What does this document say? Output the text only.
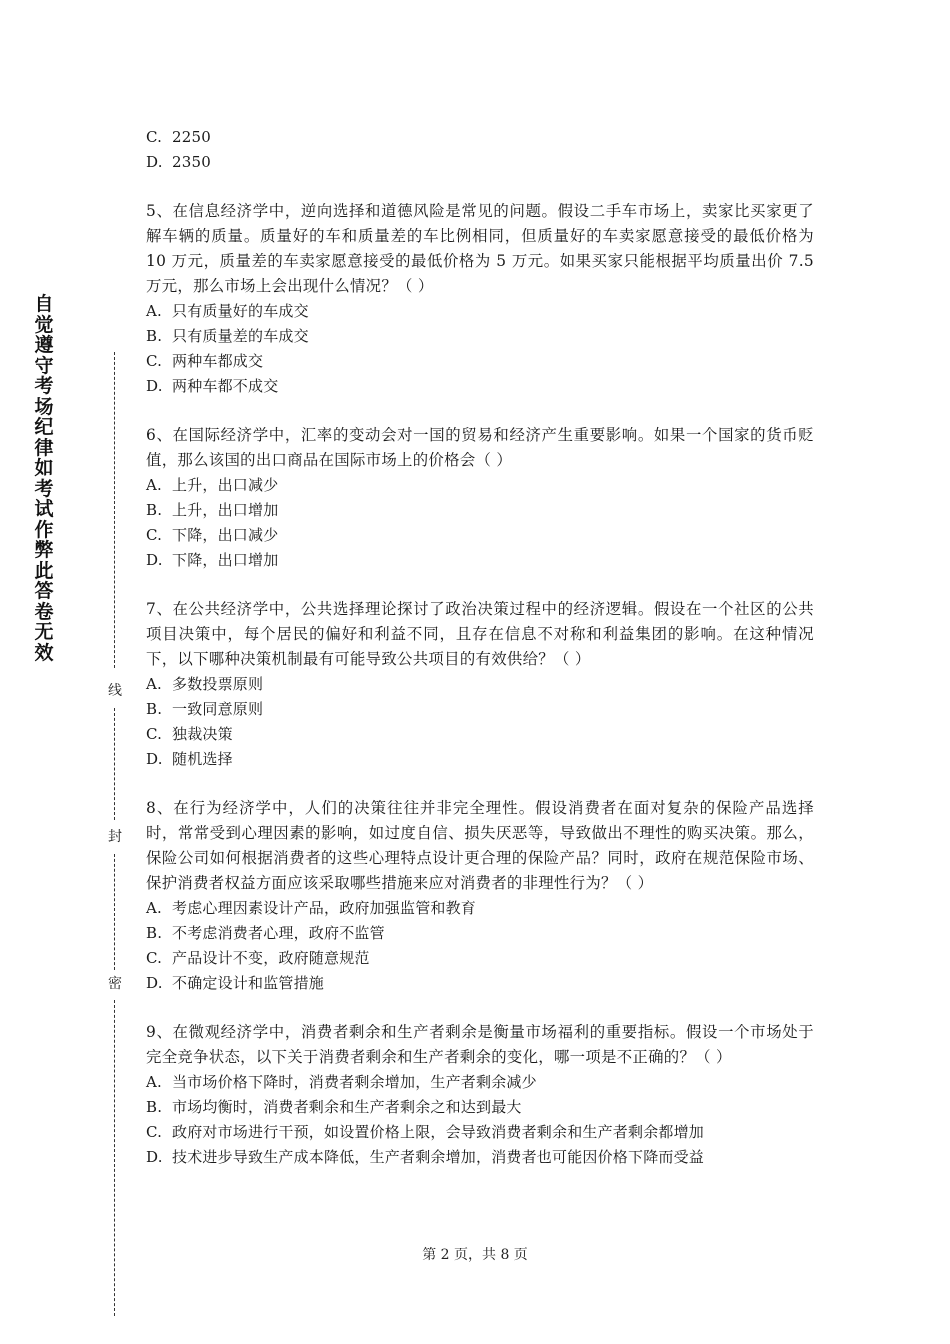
自觉遵守考场纪律如考试作弊此答卷无效
线
封
密
C. 2250
D. 2350
5、在信息经济学中，逆向选择和道德风险是常见的问题。假设二手车市场上，卖家比买家更了解车辆的质量。质量好的车和质量差的车比例相同，但质量好的车卖家愿意接受的最低价格为 10 万元，质量差的车卖家愿意接受的最低价格为 5 万元。如果买家只能根据平均质量出价 7.5 万元，那么市场上会出现什么情况？（ ）
A. 只有质量好的车成交
B. 只有质量差的车成交
C. 两种车都成交
D. 两种车都不成交
6、在国际经济学中，汇率的变动会对一国的贸易和经济产生重要影响。如果一个国家的货币贬值，那么该国的出口商品在国际市场上的价格会（ ）
A. 上升，出口减少
B. 上升，出口增加
C. 下降，出口减少
D. 下降，出口增加
7、在公共经济学中，公共选择理论探讨了政治决策过程中的经济逻辑。假设在一个社区的公共项目决策中，每个居民的偏好和利益不同，且存在信息不对称和利益集团的影响。在这种情况下，以下哪种决策机制最有可能导致公共项目的有效供给？（ ）
A. 多数投票原则
B. 一致同意原则
C. 独裁决策
D. 随机选择
8、在行为经济学中，人们的决策往往并非完全理性。假设消费者在面对复杂的保险产品选择时，常常受到心理因素的影响，如过度自信、损失厌恶等，导致做出不理性的购买决策。那么，保险公司如何根据消费者的这些心理特点设计更合理的保险产品？同时，政府在规范保险市场、保护消费者权益方面应该采取哪些措施来应对消费者的非理性行为？（ ）
A. 考虑心理因素设计产品，政府加强监管和教育
B. 不考虑消费者心理，政府不监管
C. 产品设计不变，政府随意规范
D. 不确定设计和监管措施
9、在微观经济学中，消费者剩余和生产者剩余是衡量市场福利的重要指标。假设一个市场处于完全竞争状态，以下关于消费者剩余和生产者剩余的变化，哪一项是不正确的？（ ）
A. 当市场价格下降时，消费者剩余增加，生产者剩余减少
B. 市场均衡时，消费者剩余和生产者剩余之和达到最大
C. 政府对市场进行干预，如设置价格上限，会导致消费者剩余和生产者剩余都增加
D. 技术进步导致生产成本降低，生产者剩余增加，消费者也可能因价格下降而受益
第 2 页，共 8 页
